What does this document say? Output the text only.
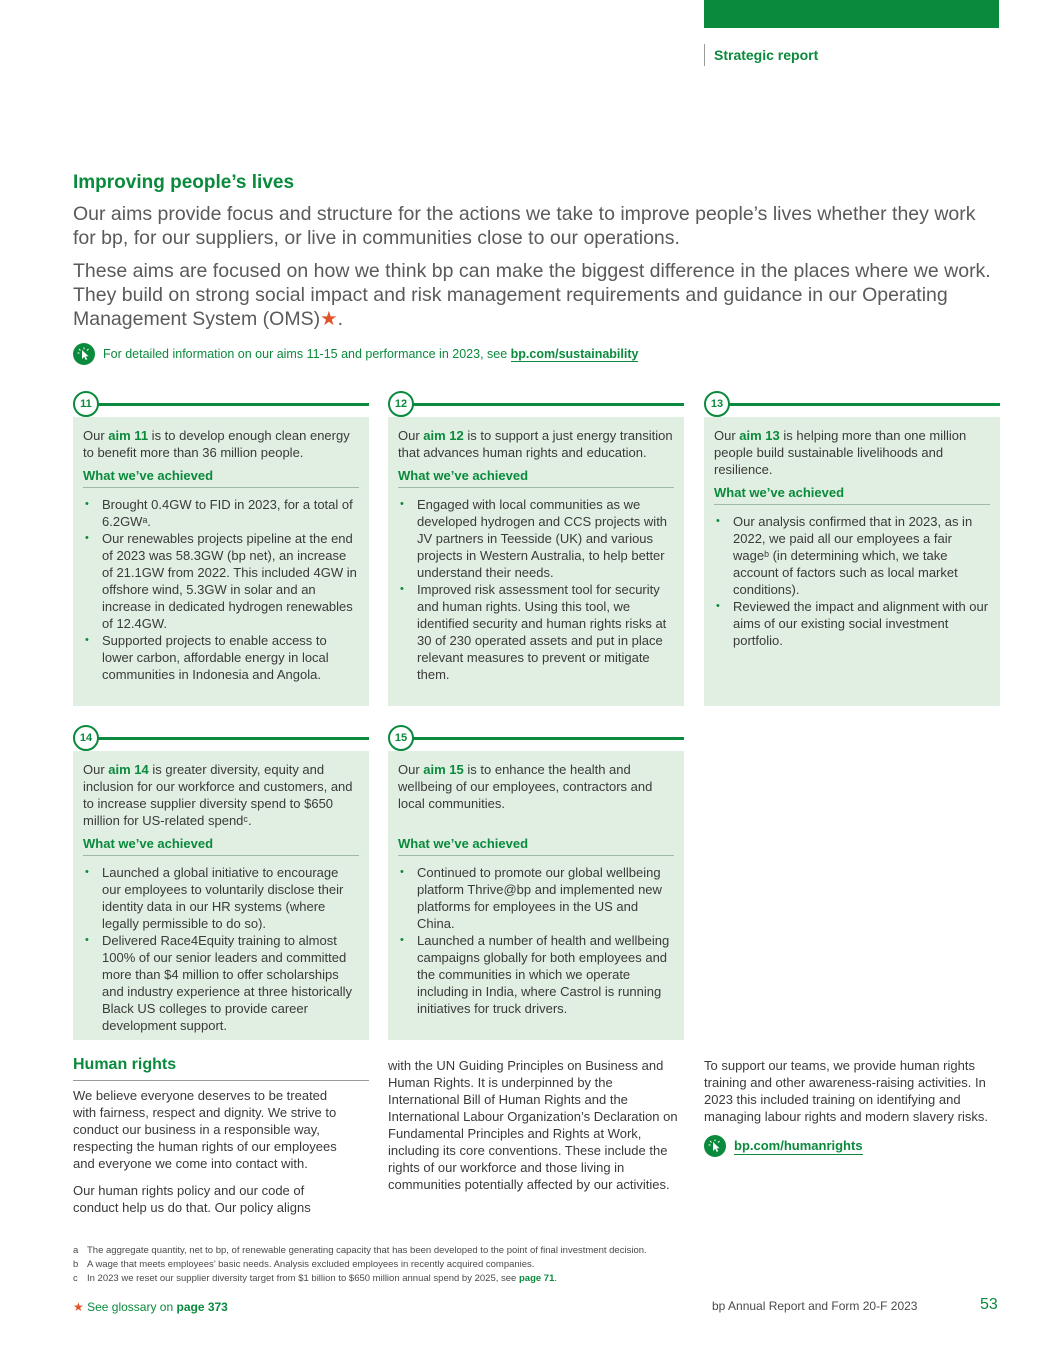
Strategic report
Improving people’s lives

Our aims provide focus and structure for the actions we take to improve people’s lives whether they work for bp, for our suppliers, or live in communities close to our operations.

These aims are focused on how we think bp can make the biggest difference in the places where we work. They build on strong social impact and risk management requirements and guidance in our Operating Management System (OMS)★.

For detailed information on our aims 11-15 and performance in 2023, see bp.com/sustainability
11

Our aim 11 is to develop enough clean energy to benefit more than 36 million people.

What we’ve achieved
• Brought 0.4GW to FID in 2023, for a total of 6.2GWᵃ.
• Our renewables projects pipeline at the end of 2023 was 58.3GW (bp net), an increase of 21.1GW from 2022. This included 4GW in offshore wind, 5.3GW in solar and an increase in dedicated hydrogen renewables of 12.4GW.
• Supported projects to enable access to lower carbon, affordable energy in local communities in Indonesia and Angola.
12

Our aim 12 is to support a just energy transition that advances human rights and education.

What we’ve achieved
• Engaged with local communities as we developed hydrogen and CCS projects with JV partners in Teesside (UK) and various projects in Western Australia, to help better understand their needs.
• Improved risk assessment tool for security and human rights. Using this tool, we identified security and human rights risks at 30 of 230 operated assets and put in place relevant measures to prevent or mitigate them.
13

Our aim 13 is helping more than one million people build sustainable livelihoods and resilience.

What we’ve achieved
• Our analysis confirmed that in 2023, as in 2022, we paid all our employees a fair wageᵇ (in determining which, we take account of factors such as local market conditions).
• Reviewed the impact and alignment with our aims of our existing social investment portfolio.
14

Our aim 14 is greater diversity, equity and inclusion for our workforce and customers, and to increase supplier diversity spend to $650 million for US-related spendᶜ.

What we’ve achieved
• Launched a global initiative to encourage our employees to voluntarily disclose their identity data in our HR systems (where legally permissible to do so).
• Delivered Race4Equity training to almost 100% of our senior leaders and committed more than $4 million to offer scholarships and industry experience at three historically Black US colleges to provide career development support.
15

Our aim 15 is to enhance the health and wellbeing of our employees, contractors and local communities.

What we’ve achieved
• Continued to promote our global wellbeing platform Thrive@bp and implemented new platforms for employees in the US and China.
• Launched a number of health and wellbeing campaigns globally for both employees and the communities in which we operate including in India, where Castrol is running initiatives for truck drivers.
Human rights

We believe everyone deserves to be treated with fairness, respect and dignity. We strive to conduct our business in a responsible way, respecting the human rights of our employees and everyone we come into contact with.

Our human rights policy and our code of conduct help us do that. Our policy aligns

with the UN Guiding Principles on Business and Human Rights. It is underpinned by the International Bill of Human Rights and the International Labour Organization’s Declaration on Fundamental Principles and Rights at Work, including its core conventions. These include the rights of our workforce and those living in communities potentially affected by our activities.

To support our teams, we provide human rights training and other awareness-raising activities. In 2023 this included training on identifying and managing labour rights and modern slavery risks.

bp.com/humanrights
a The aggregate quantity, net to bp, of renewable generating capacity that has been developed to the point of final investment decision.
b A wage that meets employees’ basic needs. Analysis excluded employees in recently acquired companies.
c In 2023 we reset our supplier diversity target from $1 billion to $650 million annual spend by 2025, see page 71.
★ See glossary on page 373	bp Annual Report and Form 20-F 2023	53
